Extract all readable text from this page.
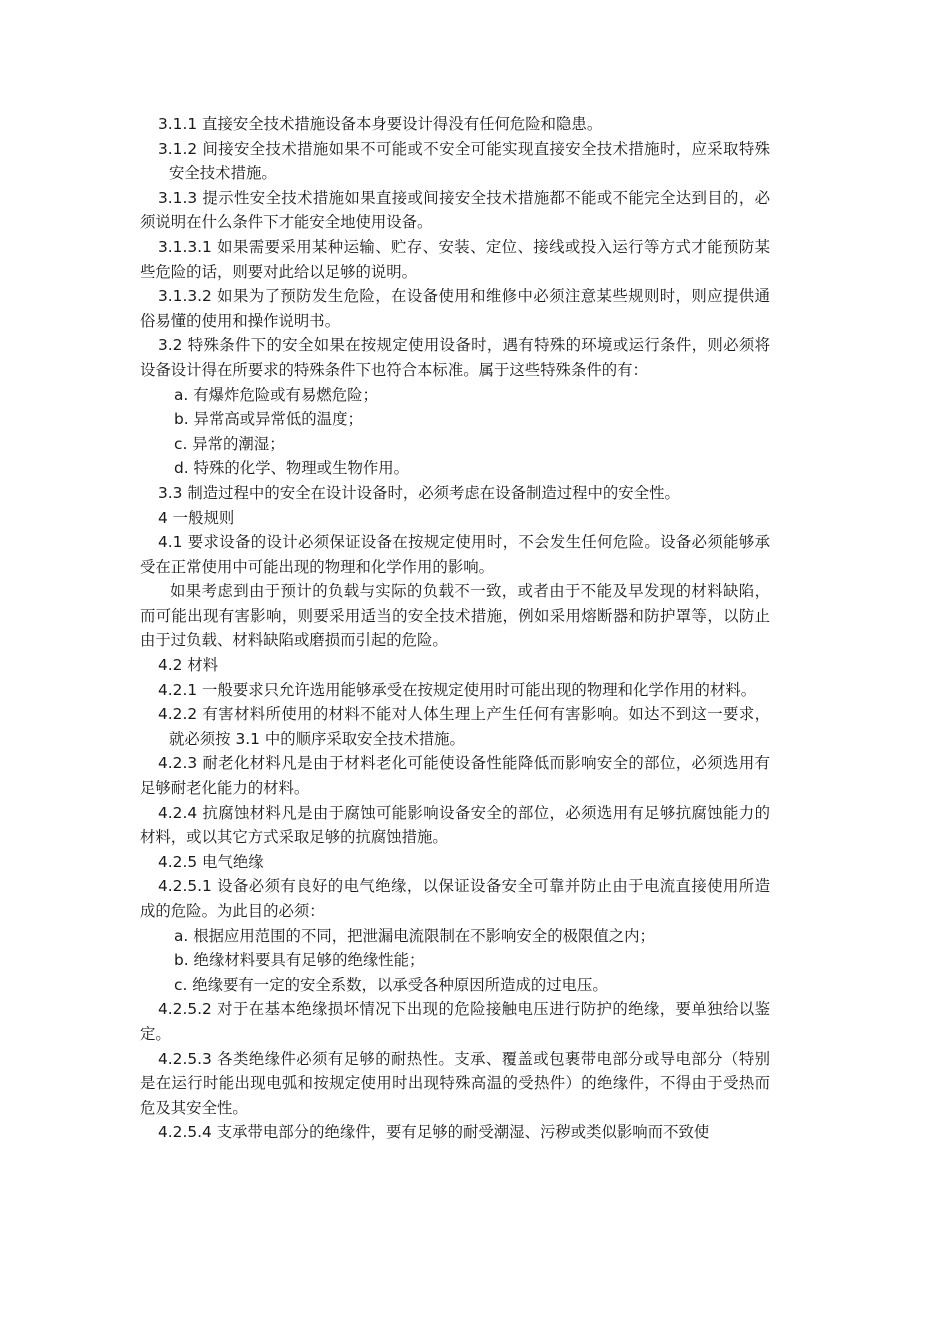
3.1.1 直接安全技术措施设备本身要设计得没有任何危险和隐患。

3.1.2 间接安全技术措施如果不可能或不安全可能实现直接安全技术措施时，应采取特殊安全技术措施。

3.1.3 提示性安全技术措施如果直接或间接安全技术措施都不能或不能完全达到目的，必须说明在什么条件下才能安全地使用设备。

3.1.3.1 如果需要采用某种运输、贮存、安装、定位、接线或投入运行等方式才能预防某些危险的话，则要对此给以足够的说明。

3.1.3.2 如果为了预防发生危险，在设备使用和维修中必须注意某些规则时，则应提供通俗易懂的使用和操作说明书。

3.2 特殊条件下的安全如果在按规定使用设备时，遇有特殊的环境或运行条件，则必须将设备设计得在所要求的特殊条件下也符合本标准。属于这些特殊条件的有：

a. 有爆炸危险或有易燃危险；

b. 异常高或异常低的温度；

c. 异常的潮湿；

d. 特殊的化学、物理或生物作用。

3.3 制造过程中的安全在设计设备时，必须考虑在设备制造过程中的安全性。

4 一般规则

4.1 要求设备的设计必须保证设备在按规定使用时，不会发生任何危险。设备必须能够承受在正常使用中可能出现的物理和化学作用的影响。

如果考虑到由于预计的负载与实际的负载不一致，或者由于不能及早发现的材料缺陷，而可能出现有害影响，则要采用适当的安全技术措施，例如采用熔断器和防护罩等，以防止由于过负载、材料缺陷或磨损而引起的危险。

4.2 材料

4.2.1 一般要求只允许选用能够承受在按规定使用时可能出现的物理和化学作用的材料。

4.2.2 有害材料所使用的材料不能对人体生理上产生任何有害影响。如达不到这一要求，就必须按 3.1 中的顺序采取安全技术措施。

4.2.3 耐老化材料凡是由于材料老化可能使设备性能降低而影响安全的部位，必须选用有足够耐老化能力的材料。

4.2.4 抗腐蚀材料凡是由于腐蚀可能影响设备安全的部位，必须选用有足够抗腐蚀能力的材料，或以其它方式采取足够的抗腐蚀措施。

4.2.5 电气绝缘

4.2.5.1 设备必须有良好的电气绝缘，以保证设备安全可靠并防止由于电流直接使用所造成的危险。为此目的必须：

a. 根据应用范围的不同，把泄漏电流限制在不影响安全的极限值之内；

b. 绝缘材料要具有足够的绝缘性能；

c. 绝缘要有一定的安全系数，以承受各种原因所造成的过电压。

4.2.5.2 对于在基本绝缘损坏情况下出现的危险接触电压进行防护的绝缘，要单独给以鉴定。

4.2.5.3 各类绝缘件必须有足够的耐热性。支承、覆盖或包裹带电部分或导电部分（特别是在运行时能出现电弧和按规定使用时出现特殊高温的受热件）的绝缘件，不得由于受热而危及其安全性。

4.2.5.4 支承带电部分的绝缘件，要有足够的耐受潮湿、污秽或类似影响而不致使
